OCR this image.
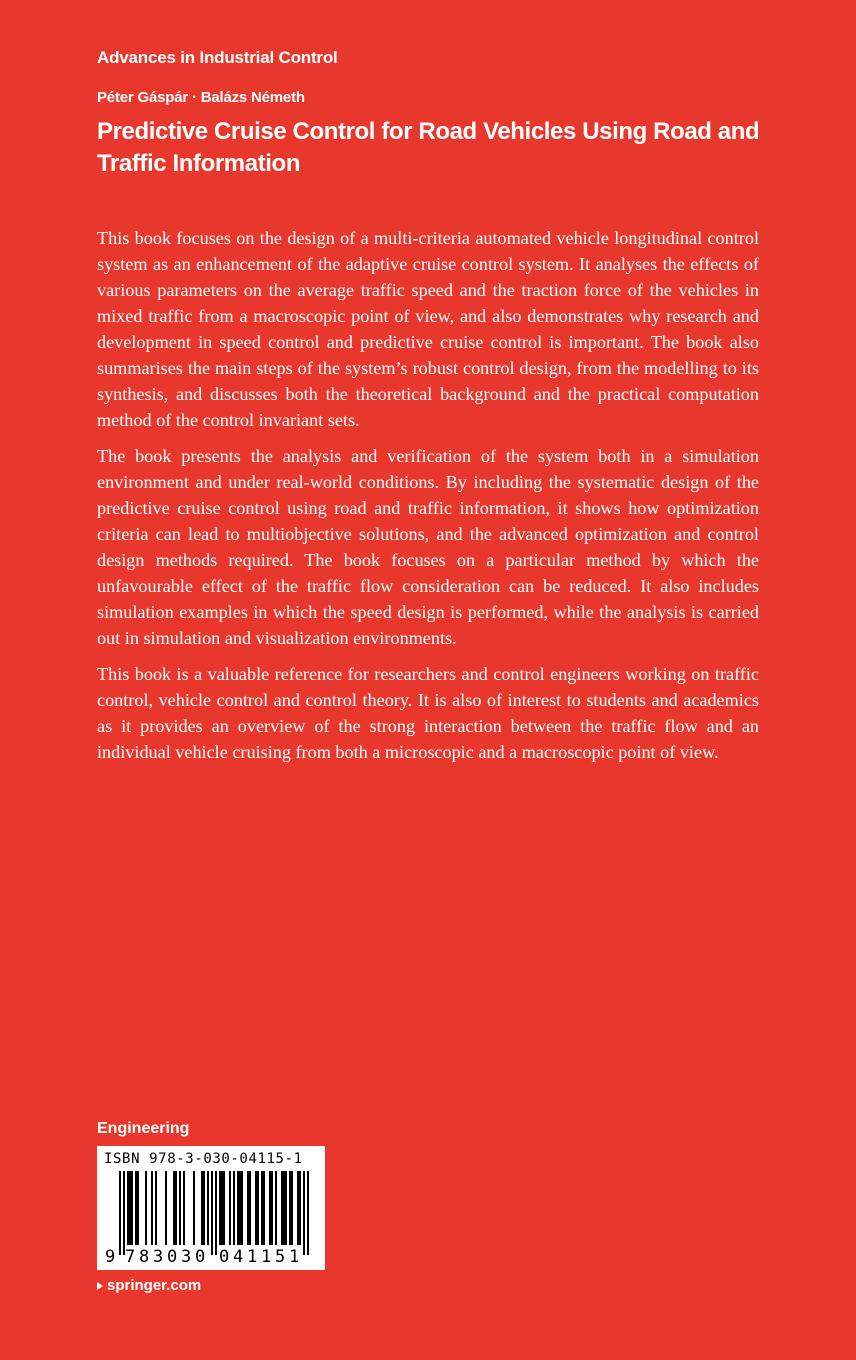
Advances in Industrial Control
Péter Gáspár · Balázs Németh
Predictive Cruise Control for Road Vehicles Using Road and Traffic Information

This book focuses on the design of a multi-criteria automated vehicle longitudinal control system as an enhancement of the adaptive cruise control system. It analyses the effects of various parameters on the average traffic speed and the traction force of the vehicles in mixed traffic from a macroscopic point of view, and also demonstrates why research and development in speed control and predictive cruise control is important. The book also summarises the main steps of the system’s robust control design, from the modelling to its synthesis, and discusses both the theoretical background and the practical computation method of the control invariant sets.

The book presents the analysis and verification of the system both in a simulation environment and under real-world conditions. By including the systematic design of the predictive cruise control using road and traffic information, it shows how optimization criteria can lead to multiobjective solutions, and the advanced optimization and control design methods required. The book focuses on a particular method by which the unfavourable effect of the traffic flow consideration can be reduced. It also includes simulation examples in which the speed design is performed, while the analysis is carried out in simulation and visualization environments.

This book is a valuable reference for researchers and control engineers working on traffic control, vehicle control and control theory. It is also of interest to students and academics as it provides an overview of the strong interaction between the traffic flow and an individual vehicle cruising from both a microscopic and a macroscopic point of view.

Engineering
9 7 8 3 0 3 0 0 4 1 1 5 1
ISBN 978-3-030-04115-1
springer.com
